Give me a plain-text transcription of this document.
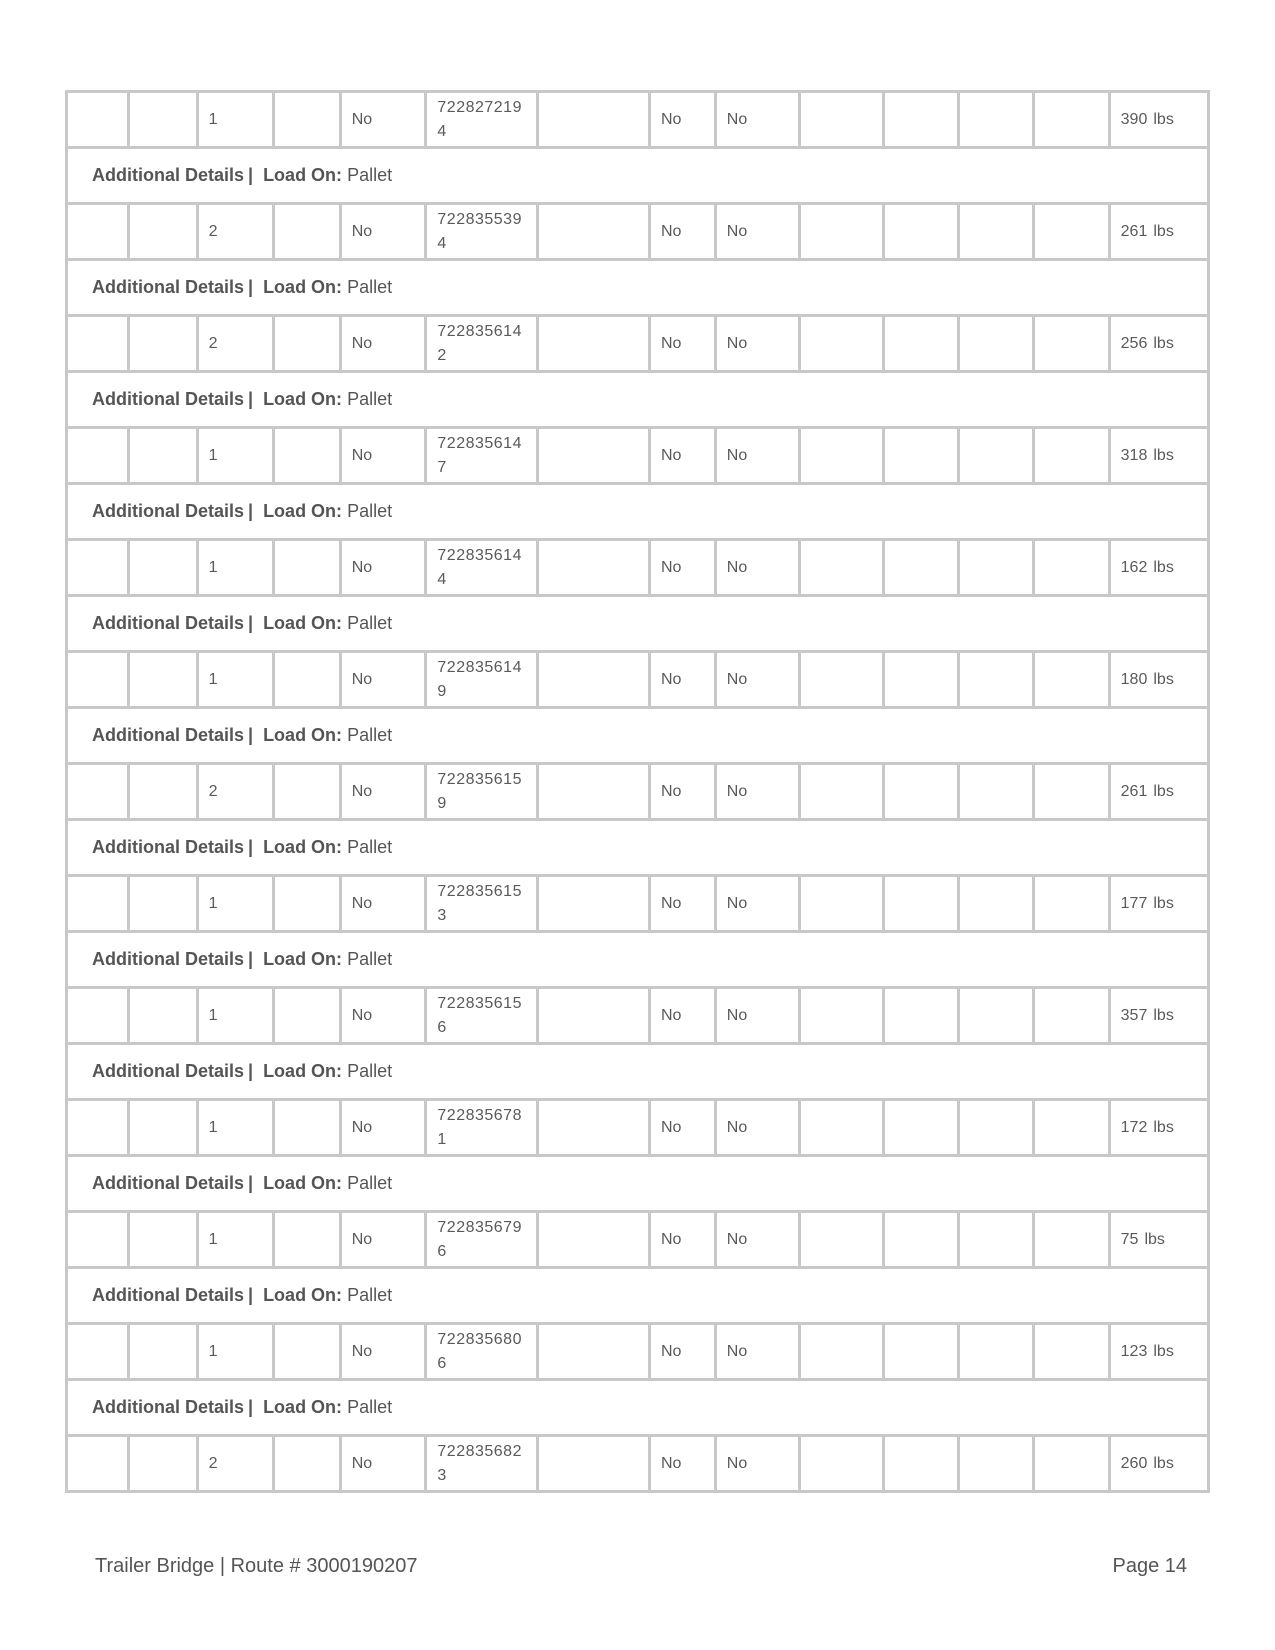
		1		No	7228272194		No	No					390 lbs
Additional Details | Load On: Pallet													
		2		No	7228355394		No	No					261 lbs
Additional Details | Load On: Pallet													
		2		No	7228356142		No	No					256 lbs
Additional Details | Load On: Pallet													
		1		No	7228356147		No	No					318 lbs
Additional Details | Load On: Pallet													
		1		No	7228356144		No	No					162 lbs
Additional Details | Load On: Pallet													
		1		No	7228356149		No	No					180 lbs
Additional Details | Load On: Pallet													
		2		No	7228356159		No	No					261 lbs
Additional Details | Load On: Pallet													
		1		No	7228356153		No	No					177 lbs
Additional Details | Load On: Pallet													
		1		No	7228356156		No	No					357 lbs
Additional Details | Load On: Pallet													
		1		No	7228356781		No	No					172 lbs
Additional Details | Load On: Pallet													
		1		No	7228356796		No	No					75 lbs
Additional Details | Load On: Pallet													
		1		No	7228356806		No	No					123 lbs
Additional Details | Load On: Pallet													
		2		No	7228356823		No	No					260 lbs
Trailer Bridge | Route # 3000190207	Page 14
